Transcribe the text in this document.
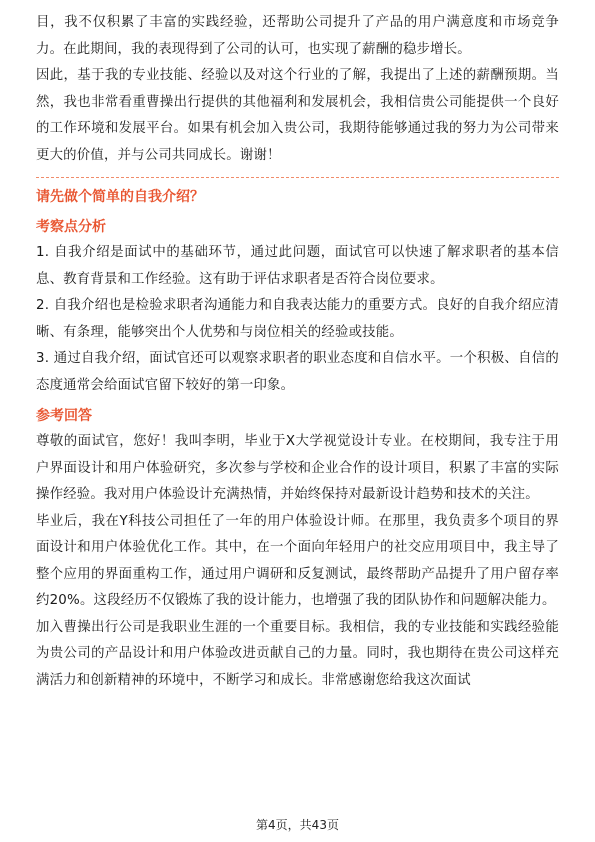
目，我不仅积累了丰富的实践经验，还帮助公司提升了产品的用户满意度和市场竞争力。在此期间，我的表现得到了公司的认可，也实现了薪酬的稳步增长。

因此，基于我的专业技能、经验以及对这个行业的了解，我提出了上述的薪酬预期。当然，我也非常看重曹操出行提供的其他福利和发展机会，我相信贵公司能提供一个良好的工作环境和发展平台。如果有机会加入贵公司，我期待能够通过我的努力为公司带来更大的价值，并与公司共同成长。谢谢！

请先做个简单的自我介绍？

考察点分析

1. 自我介绍是面试中的基础环节，通过此问题，面试官可以快速了解求职者的基本信息、教育背景和工作经验。这有助于评估求职者是否符合岗位要求。

2. 自我介绍也是检验求职者沟通能力和自我表达能力的重要方式。良好的自我介绍应清晰、有条理，能够突出个人优势和与岗位相关的经验或技能。

3. 通过自我介绍，面试官还可以观察求职者的职业态度和自信水平。一个积极、自信的态度通常会给面试官留下较好的第一印象。

参考回答

尊敬的面试官，您好！我叫李明，毕业于X大学视觉设计专业。在校期间，我专注于用户界面设计和用户体验研究，多次参与学校和企业合作的设计项目，积累了丰富的实际操作经验。我对用户体验设计充满热情，并始终保持对最新设计趋势和技术的关注。

毕业后，我在Y科技公司担任了一年的用户体验设计师。在那里，我负责多个项目的界面设计和用户体验优化工作。其中，在一个面向年轻用户的社交应用项目中，我主导了整个应用的界面重构工作，通过用户调研和反复测试，最终帮助产品提升了用户留存率约20%。这段经历不仅锻炼了我的设计能力，也增强了我的团队协作和问题解决能力。

加入曹操出行公司是我职业生涯的一个重要目标。我相信，我的专业技能和实践经验能为贵公司的产品设计和用户体验改进贡献自己的力量。同时，我也期待在贵公司这样充满活力和创新精神的环境中，不断学习和成长。非常感谢您给我这次面试

第4页，共43页
